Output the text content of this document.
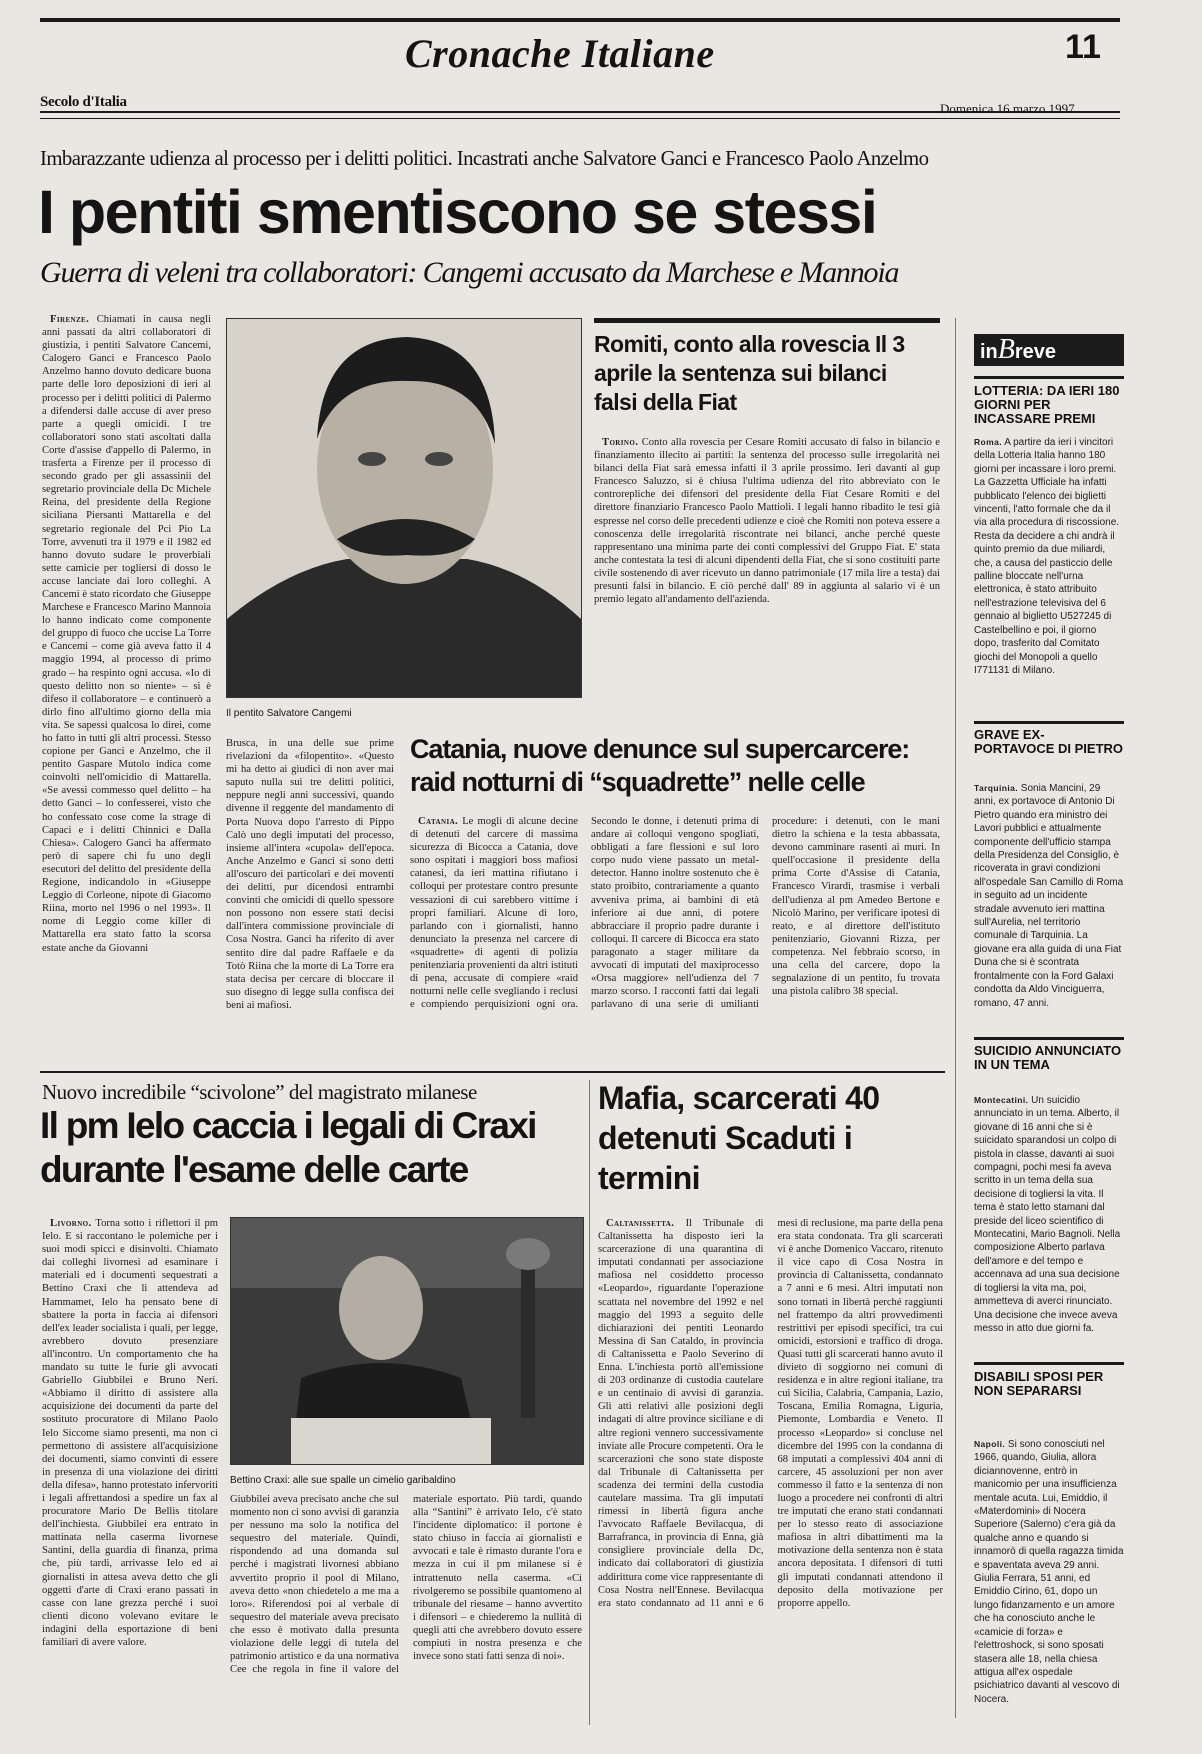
Cronache Italiane	11
Secolo d'Italia	Domenica 16 marzo 1997
Imbarazzante udienza al processo per i delitti politici. Incastrati anche Salvatore Ganci e Francesco Paolo Anzelmo
I pentiti smentiscono se stessi
Guerra di veleni tra collaboratori: Cangemi accusato da Marchese e Mannoia

Firenze. Chiamati in causa negli anni passati da altri collaboratori di giustizia, i pentiti Salvatore Cancemi, Calogero Ganci e Francesco Paolo Anzelmo hanno dovuto dedicare buona parte delle loro deposizioni di ieri al processo per i delitti politici di Palermo a difendersi dalle accuse di aver preso parte a quegli omicidi. I tre collaboratori sono stati ascoltati dalla Corte d'assise d'appello di Palermo, in trasferta a Firenze per il processo di secondo grado per gli assassinii del segretario provinciale della Dc Michele Reina, del presidente della Regione siciliana Piersanti Mattarella e del segretario regionale del Pci Pio La Torre, avvenuti tra il 1979 e il 1982 ed hanno dovuto sudare le proverbiali sette camicie per togliersi di dosso le accuse lanciate dai loro colleghi. A Cancemi è stato ricordato che Giuseppe Marchese e Francesco Marino Mannoia lo hanno indicato come componente del gruppo di fuoco che uccise La Torre e Cancemi – come già aveva fatto il 4 maggio 1994, al processo di primo grado – ha respinto ogni accusa. «Io di questo delitto non so niente» – si è difeso il collaboratore – e continuerò a dirlo fino all'ultimo giorno della mia vita. Se sapessi qualcosa lo direi, come ho fatto in tutti gli altri processi. Stesso copione per Ganci e Anzelmo, che il pentito Gaspare Mutolo indica come coinvolti nell'omicidio di Mattarella. «Se avessi commesso quel delitto – ha detto Ganci – lo confesserei, visto che ho confessato cose come la strage di Capaci e i delitti Chinnici e Dalla Chiesa». Calogero Ganci ha affermato però di sapere chi fu uno degli esecutori del delitto del presidente della Regione, indicandolo in «Giuseppe Leggio di Corleone, nipote di Giacomo Riina, morto nel 1996 o nel 1993». Il nome di Leggio come killer di Mattarella era stato fatto la scorsa estate anche da Giovanni

Il pentito Salvatore Cangemi

Brusca, in una delle sue prime rivelazioni da «filopentito». «Questo mi ha detto ai giudici di non aver mai saputo nulla sui tre delitti politici, neppure negli anni successivi, quando divenne il reggente del mandamento di Porta Nuova dopo l'arresto di Pippo Calò uno degli imputati del processo, insieme all'intera «cupola» dell'epoca. Anche Anzelmo e Ganci si sono detti all'oscuro dei particolari e dei moventi dei delitti, pur dicendosi entrambi convinti che omicidi di quello spessore non possono non essere stati decisi dall'intera commissione provinciale di Cosa Nostra. Ganci ha riferito di aver sentito dire dal padre Raffaele e da Totò Riina che la morte di La Torre era stata decisa per cercare di bloccare il suo disegno di legge sulla confisca dei beni ai mafiosi.

Romiti, conto alla rovescia Il 3 aprile la sentenza sui bilanci falsi della Fiat

Torino. Conto alla rovescia per Cesare Romiti accusato di falso in bilancio e finanziamento illecito ai partiti: la sentenza del processo sulle irregolarità nei bilanci della Fiat sarà emessa infatti il 3 aprile prossimo. Ieri davanti al gup Francesco Saluzzo, si è chiusa l'ultima udienza del rito abbreviato con le controrepliche dei difensori del presidente della Fiat Cesare Romiti e del direttore finanziario Francesco Paolo Mattioli. I legali hanno ribadito le tesi già espresse nel corso delle precedenti udienze e cioè che Romiti non poteva essere a conoscenza delle irregolarità riscontrate nei bilanci, anche perché queste rappresentano una minima parte dei conti complessivi del Gruppo Fiat. E' stata anche contestata la tesi di alcuni dipendenti della Fiat, che si sono costituiti parte civile sostenendo di aver ricevuto un danno patrimoniale (17 mila lire a testa) dai presunti falsi in bilancio. E ciò perché dall' 89 in aggiunta al salario vi è un premio legato all'andamento dell'azienda.

Catania, nuove denunce sul supercarcere: raid notturni di “squadrette” nelle celle

Catania. Le mogli di alcune decine di detenuti del carcere di massima sicurezza di Bicocca a Catania, dove sono ospitati i maggiori boss mafiosi catanesi, da ieri mattina rifiutano i colloqui per protestare contro presunte vessazioni di cui sarebbero vittime i propri familiari. Alcune di loro, parlando con i giornalisti, hanno denunciato la presenza nel carcere di «squadrette» di agenti di polizia penitenziaria provenienti da altri istituti di pena, accusate di compiere «raid notturni nelle celle svegliando i reclusi e compiendo perquisizioni ogni ora. Secondo le donne, i detenuti prima di andare ai colloqui vengono spogliati, obbligati a fare flessioni e sul loro corpo nudo viene passato un metal-detector. Hanno inoltre sostenuto che è stato proibito, contrariamente a quanto avveniva prima, ai bambini di età inferiore ai due anni, di potere abbracciare il proprio padre durante i colloqui. Il carcere di Bicocca era stato paragonato a stager militare da avvocati di imputati del maxiprocesso «Orsa maggiore» nell'udienza del 7 marzo scorso. I racconti fatti dai legali parlavano di una serie di umilianti procedure: i detenuti, con le mani dietro la schiena e la testa abbassata, devono camminare rasenti ai muri. In quell'occasione il presidente della prima Corte d'Assise di Catania, Francesco Virardi, trasmise i verbali dell'udienza al pm Amedeo Bertone e Nicolò Marino, per verificare ipotesi di reato, e al direttore dell'istituto penitenziario, Giovanni Rizza, per competenza. Nel febbraio scorso, in una cella del carcere, dopo la segnalazione di un pentito, fu trovata una pistola calibro 38 special.

inBreve
LOTTERIA: DA IERI 180 GIORNI PER INCASSARE PREMI

Roma. A partire da ieri i vincitori della Lotteria Italia hanno 180 giorni per incassare i loro premi. La Gazzetta Ufficiale ha infatti pubblicato l'elenco dei biglietti vincenti, l'atto formale che da il via alla procedura di riscossione. Resta da decidere a chi andrà il quinto premio da due miliardi, che, a causa del pasticcio delle palline bloccate nell'urna elettronica, è stato attribuito nell'estrazione televisiva del 6 gennaio al biglietto U527245 di Castelbellino e poi, il giorno dopo, trasferito dal Comitato giochi del Monopoli a quello I771131 di Milano.

GRAVE EX-PORTAVOCE DI PIETRO

Tarquinia. Sonia Mancini, 29 anni, ex portavoce di Antonio Di Pietro quando era ministro dei Lavori pubblici e attualmente componente dell'ufficio stampa della Presidenza del Consiglio, è ricoverata in gravi condizioni all'ospedale San Camillo di Roma in seguito ad un incidente stradale avvenuto ieri mattina sull'Aurelia, nel territorio comunale di Tarquinia. La giovane era alla guida di una Fiat Duna che si è scontrata frontalmente con la Ford Galaxi condotta da Aldo Vinciguerra, romano, 47 anni.

SUICIDIO ANNUNCIATO IN UN TEMA

Montecatini. Un suicidio annunciato in un tema. Alberto, il giovane di 16 anni che si è suicidato sparandosi un colpo di pistola in classe, davanti ai suoi compagni, pochi mesi fa aveva scritto in un tema della sua decisione di togliersi la vita. Il tema è stato letto stamani dal preside del liceo scientifico di Montecatini, Mario Bagnoli. Nella composizione Alberto parlava dell'amore e del tempo e accennava ad una sua decisione di togliersi la vita ma, poi, ammetteva di averci rinunciato. Una decisione che invece aveva messo in atto due giorni fa.

DISABILI SPOSI PER NON SEPARARSI

Napoli. Si sono conosciuti nel 1966, quando, Giulia, allora diciannovenne, entrò in manicomio per una insufficienza mentale acuta. Lui, Emiddio, il «Materdomini» di Nocera Superiore (Salerno) c'era già da qualche anno e quando si innamorò di quella ragazza timida e spaventata aveva 29 anni. Giulia Ferrara, 51 anni, ed Emiddio Cirino, 61, dopo un lungo fidanzamento e un amore che ha conosciuto anche le «camicie di forza» e l'elettroshock, si sono sposati stasera alle 18, nella chiesa attigua all'ex ospedale psichiatrico davanti al vescovo di Nocera.

Nuovo incredibile “scivolone” del magistrato milanese
Il pm Ielo caccia i legali di Craxi durante l'esame delle carte

Livorno. Torna sotto i riflettori il pm Ielo. E si raccontano le polemiche per i suoi modi spicci e disinvolti. Chiamato dai colleghi livornesi ad esaminare i materiali ed i documenti sequestrati a Bettino Craxi che li attendeva ad Hammamet, Ielo ha pensato bene di sbattere la porta in faccia ai difensori dell'ex leader socialista i quali, per legge, avrebbero dovuto presenziare all'incontro. Un comportamento che ha mandato su tutte le furie gli avvocati Gabriello Giubbilei e Bruno Neri. «Abbiamo il diritto di assistere alla acquisizione dei documenti da parte del sostituto procuratore di Milano Paolo Ielo Siccome siamo presenti, ma non ci permettono di assistere all'acquisizione dei documenti, siamo convinti di essere in presenza di una violazione dei diritti della difesa», hanno protestato infervoriti i legali affrettandosi a spedire un fax al procuratore Mario De Bellis titolare dell'inchiesta. Giubbilei era entrato in mattinata nella caserma livornese Santini, della guardia di finanza, prima che, più tardi, arrivasse Ielo ed ai giornalisti in attesa aveva detto che gli oggetti d'arte di Craxi erano passati in casse con lane grezza perché i suoi clienti dicono volevano evitare le indagini della esportazione di beni familiari di avere valore.

Bettino Craxi: alle sue spalle un cimelio garibaldino

Giubbilei aveva precisato anche che sul momento non ci sono avvisi di garanzia per nessuno ma solo la notifica del sequestro del materiale. Quindi, rispondendo ad una domanda sul perché i magistrati livornesi abbiano avvertito proprio il pool di Milano, aveva detto «non chiedetelo a me ma a loro». Riferendosi poi al verbale di sequestro del materiale aveva precisato che esso è motivato dalla presunta violazione delle leggi di tutela del patrimonio artistico e da una normativa Cee che regola in fine il valore del materiale esportato. Più tardi, quando alla “Santini” è arrivato Ielo, c'è stato l'incidente diplomatico: il portone è stato chiuso in faccia ai giornalisti e avvocati e tale è rimasto durante l'ora e mezza in cui il pm milanese si è intrattenuto nella caserma. «Ci rivolgeremo se possibile quantomeno al tribunale del riesame – hanno avvertito i difensori – e chiederemo la nullità di quegli atti che avrebbero dovuto essere compiuti in nostra presenza e che invece sono stati fatti senza di noi».

Mafia, scarcerati 40 detenuti Scaduti i termini

Caltanissetta. Il Tribunale di Caltanissetta ha disposto ieri la scarcerazione di una quarantina di imputati condannati per associazione mafiosa nel cosiddetto processo «Leopardo», riguardante l'operazione scattata nel novembre del 1992 e nel maggio del 1993 a seguito delle dichiarazioni dei pentiti Leonardo Messina di San Cataldo, in provincia di Caltanissetta e Paolo Severino di Enna. L'inchiesta portò all'emissione di 203 ordinanze di custodia cautelare e un centinaio di avvisi di garanzia. Gli atti relativi alle posizioni degli indagati di altre province siciliane e di altre regioni vennero successivamente inviate alle Procure competenti. Ora le scarcerazioni che sono state disposte dal Tribunale di Caltanissetta per scadenza dei termini della custodia cautelare massima. Tra gli imputati rimessi in libertà figura anche l'avvocato Raffaele Bevilacqua, di Barrafranca, in provincia di Enna, già consigliere provinciale della Dc, indicato dai collaboratori di giustizia addirittura come vice rappresentante di Cosa Nostra nell'Ennese. Bevilacqua era stato condannato ad 11 anni e 6 mesi di reclusione, ma parte della pena era stata condonata. Tra gli scarcerati vi è anche Domenico Vaccaro, ritenuto il vice capo di Cosa Nostra in provincia di Caltanissetta, condannato a 7 anni e 6 mesi. Altri imputati non sono tornati in libertà perché raggiunti nel frattempo da altri provvedimenti restrittivi per episodi specifici, tra cui omicidi, estorsioni e traffico di droga. Quasi tutti gli scarcerati hanno avuto il divieto di soggiorno nei comuni di residenza e in altre regioni italiane, tra cui Sicilia, Calabria, Campania, Lazio, Toscana, Emilia Romagna, Liguria, Piemonte, Lombardia e Veneto. Il processo «Leopardo» si concluse nel dicembre del 1995 con la condanna di 68 imputati a complessivi 404 anni di carcere, 45 assoluzioni per non aver commesso il fatto e la sentenza di non luogo a procedere nei confronti di altri tre imputati che erano stati condannati per lo stesso reato di associazione mafiosa in altri dibattimenti ma la motivazione della sentenza non è stata ancora depositata. I difensori di tutti gli imputati condannati attendono il deposito della motivazione per proporre appello.
